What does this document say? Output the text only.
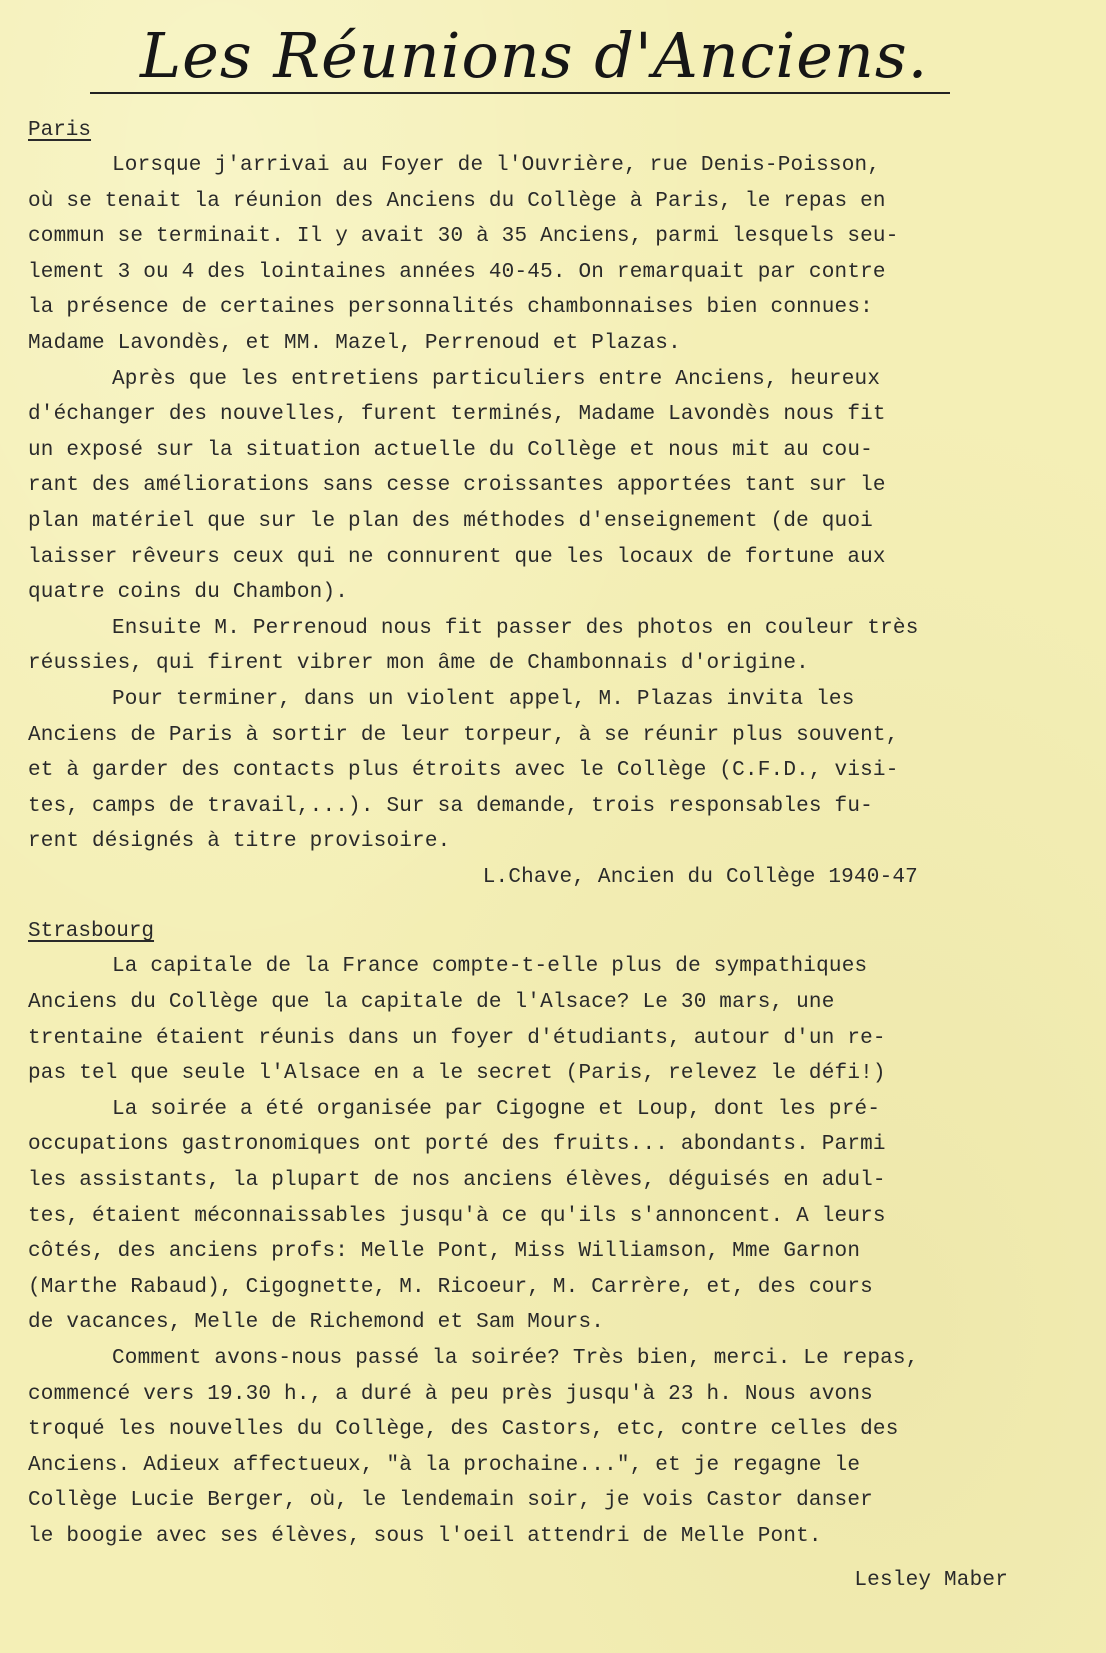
Les Réunions d'Anciens.
Paris
Lorsque j'arrivai au Foyer de l'Ouvrière, rue Denis-Poisson,
où se tenait la réunion des Anciens du Collège à Paris, le repas en
commun se terminait. Il y avait 30 à 35 Anciens, parmi lesquels seu-
lement 3 ou 4 des lointaines années 40-45. On remarquait par contre
la présence de certaines personnalités chambonnaises bien connues:
Madame Lavondès, et MM. Mazel, Perrenoud et Plazas.
Après que les entretiens particuliers entre Anciens, heureux
d'échanger des nouvelles, furent terminés, Madame Lavondès nous fit
un exposé sur la situation actuelle du Collège et nous mit au cou-
rant des améliorations sans cesse croissantes apportées tant sur le
plan matériel que sur le plan des méthodes d'enseignement (de quoi
laisser rêveurs ceux qui ne connurent que les locaux de fortune aux
quatre coins du Chambon).
Ensuite M. Perrenoud nous fit passer des photos en couleur très
réussies, qui firent vibrer mon âme de Chambonnais d'origine.
Pour terminer, dans un violent appel, M. Plazas invita les
Anciens de Paris à sortir de leur torpeur, à se réunir plus souvent,
et à garder des contacts plus étroits avec le Collège (C.F.D., visi-
tes, camps de travail,...). Sur sa demande, trois responsables fu-
rent désignés à titre provisoire.
L.Chave, Ancien du Collège 1940-47
Strasbourg
La capitale de la France compte-t-elle plus de sympathiques
Anciens du Collège que la capitale de l'Alsace? Le 30 mars, une
trentaine étaient réunis dans un foyer d'étudiants, autour d'un re-
pas tel que seule l'Alsace en a le secret (Paris, relevez le défi!)
La soirée a été organisée par Cigogne et Loup, dont les pré-
occupations gastronomiques ont porté des fruits... abondants. Parmi
les assistants, la plupart de nos anciens élèves, déguisés en adul-
tes, étaient méconnaissables jusqu'à ce qu'ils s'annoncent. A leurs
côtés, des anciens profs: Melle Pont, Miss Williamson, Mme Garnon
(Marthe Rabaud), Cigognette, M. Ricoeur, M. Carrère, et, des cours
de vacances, Melle de Richemond et Sam Mours.
Comment avons-nous passé la soirée? Très bien, merci. Le repas,
commencé vers 19.30 h., a duré à peu près jusqu'à 23 h. Nous avons
troqué les nouvelles du Collège, des Castors, etc, contre celles des
Anciens. Adieux affectueux, "à la prochaine...", et je regagne le
Collège Lucie Berger, où, le lendemain soir, je vois Castor danser
le boogie avec ses élèves, sous l'oeil attendri de Melle Pont.
Lesley Maber
